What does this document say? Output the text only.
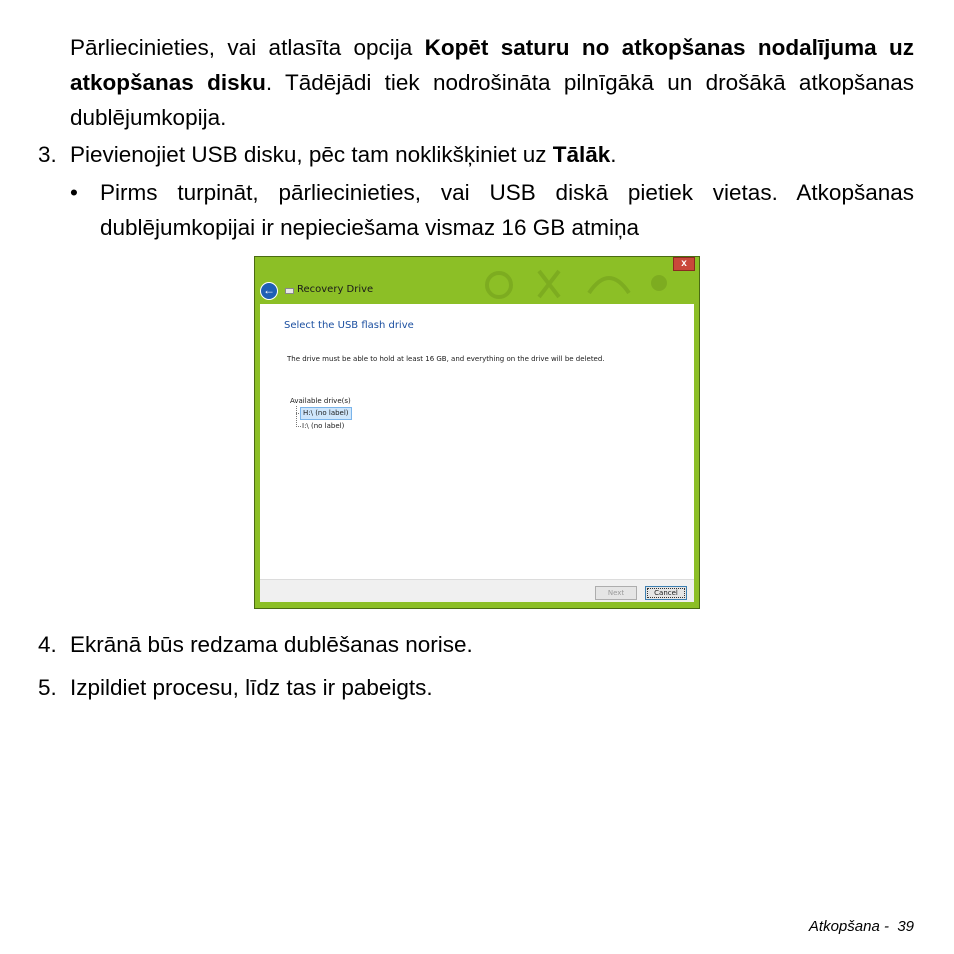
Pārliecinieties, vai atlasīta opcija Kopēt saturu no atkopšanas nodalījuma uz atkopšanas disku. Tādējādi tiek nodrošināta pilnīgākā un drošākā atkopšanas dublējumkopija.

3. Pievienojiet USB disku, pēc tam noklikšķiniet uz Tālāk.

• Pirms turpināt, pārliecinieties, vai USB diskā pietiek vietas. Atkopšanas dublējumkopijai ir nepieciešama vismaz 16 GB atmiņa

x
←	Recovery Drive
Select the USB flash drive
The drive must be able to hold at least 16 GB, and everything on the drive will be deleted.
Available drive(s)
H:\ (no label)
I:\ (no label)
Next	Cancel
4. Ekrānā būs redzama dublēšanas norise.

5. Izpildiet procesu, līdz tas ir pabeigts.

Atkopšana - 39
